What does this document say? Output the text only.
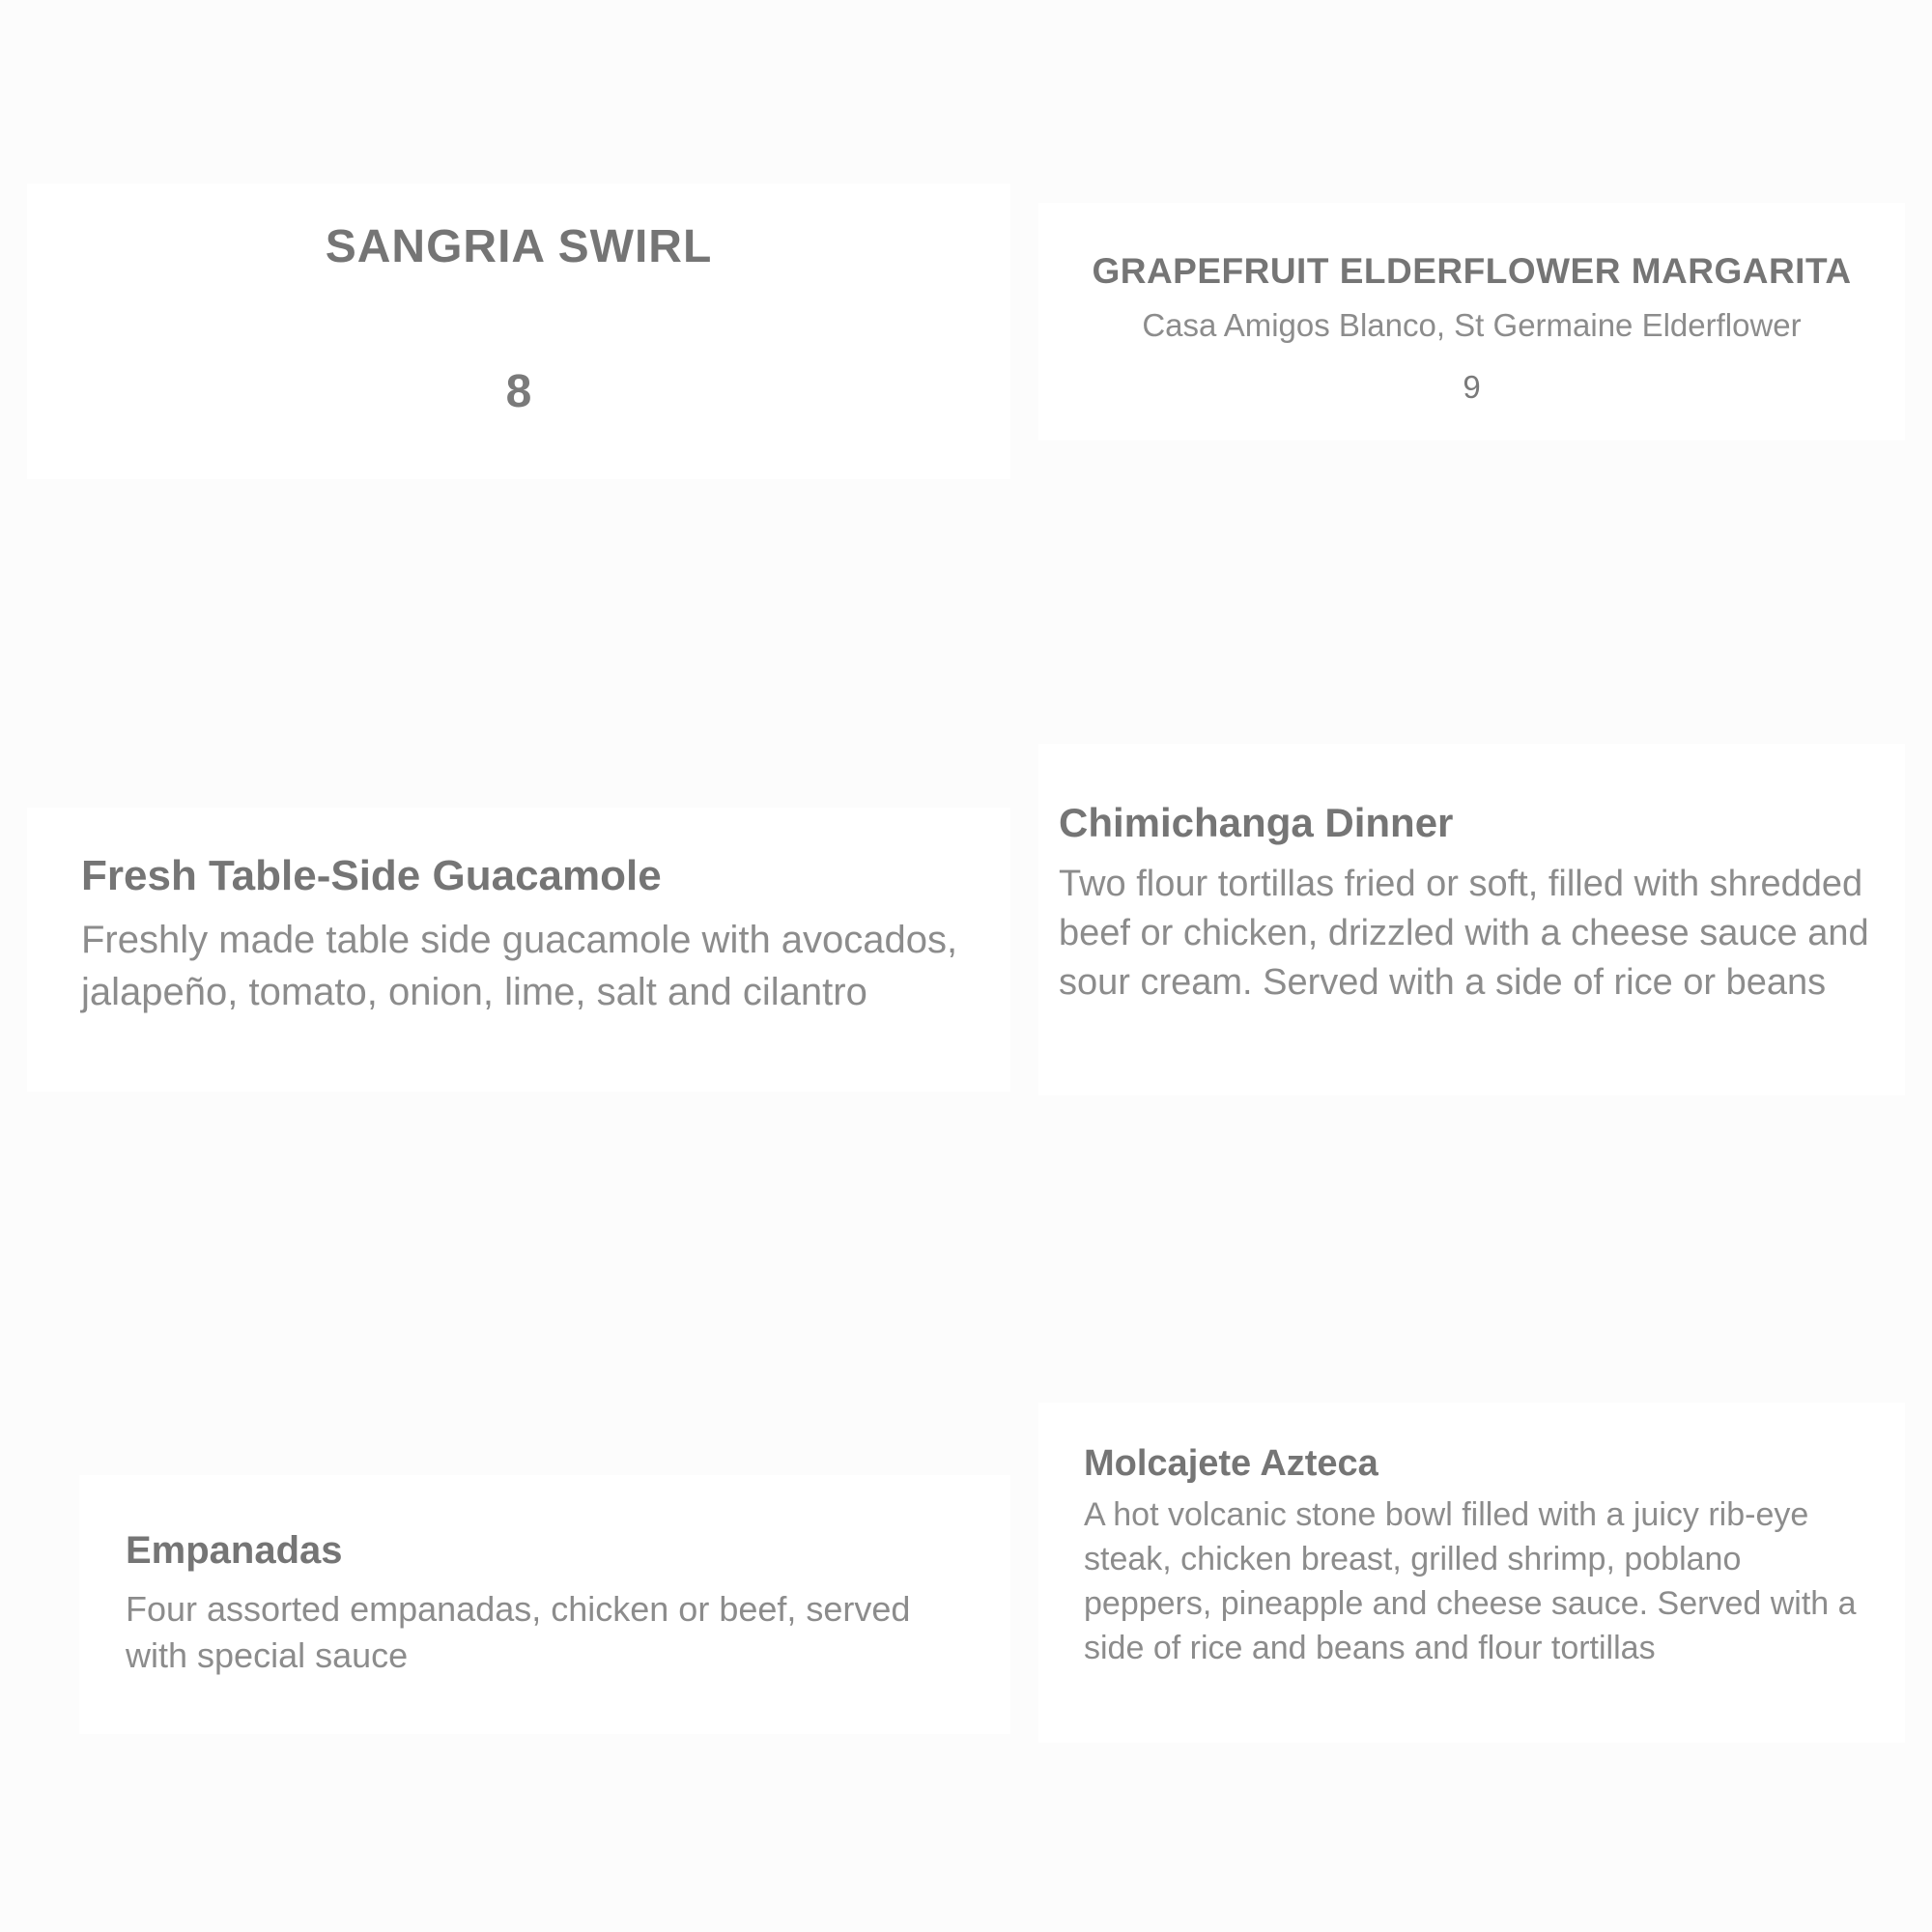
SANGRIA SWIRL
8
GRAPEFRUIT ELDERFLOWER MARGARITA
Casa Amigos Blanco, St Germaine Elderflower
9
Fresh Table-Side Guacamole
Freshly made table side guacamole with avocados, jalapeño, tomato, onion, lime, salt and cilantro
Chimichanga Dinner
Two flour tortillas fried or soft, filled with shredded beef or chicken, drizzled with a cheese sauce and sour cream. Served with a side of rice or beans
Empanadas
Four assorted empanadas, chicken or beef, served with special sauce
Molcajete Azteca
A hot volcanic stone bowl filled with a juicy rib-eye steak, chicken breast, grilled shrimp, poblano peppers, pineapple and cheese sauce. Served with a side of rice and beans and flour tortillas
